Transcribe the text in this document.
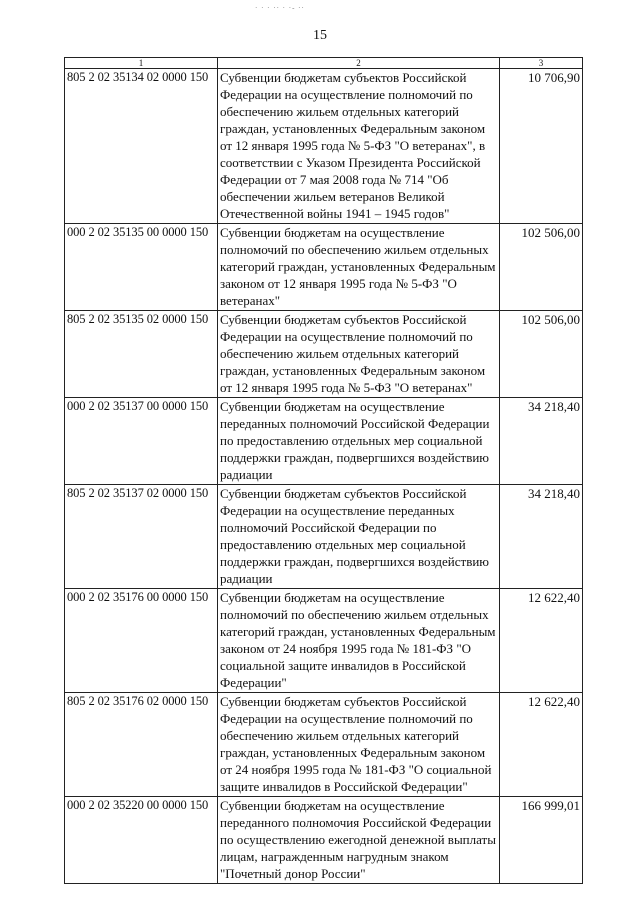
· · · ·· · ·- ··
15
1	2	3
805 2 02 35134 02 0000 150	Субвенции бюджетам субъектов Российской Федерации на осуществление полномочий по обеспечению жильем отдельных категорий граждан, установленных Федеральным законом от 12 января 1995 года № 5-ФЗ "О ветеранах", в соответствии с Указом Президента Российской Федерации от 7 мая 2008 года № 714 "Об обеспечении жильем ветеранов Великой Отечественной войны 1941 – 1945 годов"	10 706,90
000 2 02 35135 00 0000 150	Субвенции бюджетам на осуществление полномочий по обеспечению жильем отдельных категорий граждан, установленных Федеральным законом от 12 января 1995 года № 5-ФЗ "О ветеранах"	102 506,00
805 2 02 35135 02 0000 150	Субвенции бюджетам субъектов Российской Федерации на осуществление полномочий по обеспечению жильем отдельных категорий граждан, установленных Федеральным законом от 12 января 1995 года № 5-ФЗ "О ветеранах"	102 506,00
000 2 02 35137 00 0000 150	Субвенции бюджетам на осуществление переданных полномочий Российской Федерации по предоставлению отдельных мер социальной поддержки граждан, подвергшихся воздействию радиации	34 218,40
805 2 02 35137 02 0000 150	Субвенции бюджетам субъектов Российской Федерации на осуществление переданных полномочий Российской Федерации по предоставлению отдельных мер социальной поддержки граждан, подвергшихся воздействию радиации	34 218,40
000 2 02 35176 00 0000 150	Субвенции бюджетам на осуществление полномочий по обеспечению жильем отдельных категорий граждан, установленных Федеральным законом от 24 ноября 1995 года № 181-ФЗ "О социальной защите инвалидов в Российской Федерации"	12 622,40
805 2 02 35176 02 0000 150	Субвенции бюджетам субъектов Российской Федерации на осуществление полномочий по обеспечению жильем отдельных категорий граждан, установленных Федеральным законом от 24 ноября 1995 года № 181-ФЗ "О социальной защите инвалидов в Российской Федерации"	12 622,40
000 2 02 35220 00 0000 150	Субвенции бюджетам на осуществление переданного полномочия Российской Федерации по осуществлению ежегодной денежной выплаты лицам, награжденным нагрудным знаком "Почетный донор России"	166 999,01
